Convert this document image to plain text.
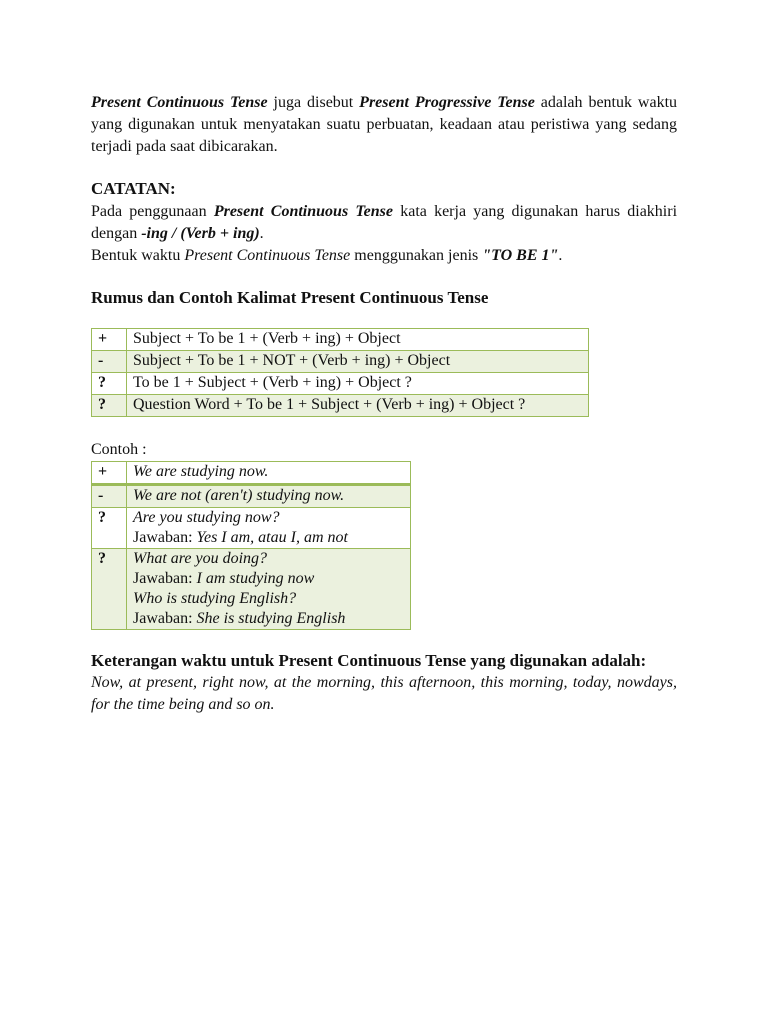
Present Continuous Tense juga disebut Present Progressive Tense adalah bentuk waktu yang digunakan untuk menyatakan suatu perbuatan, keadaan atau peristiwa yang sedang terjadi pada saat dibicarakan.

CATATAN:

Pada penggunaan Present Continuous Tense kata kerja yang digunakan harus diakhiri dengan -ing / (Verb + ing).

Bentuk waktu Present Continuous Tense menggunakan jenis "TO BE 1".

Rumus dan Contoh Kalimat Present Continuous Tense

+	Subject + To be 1 + (Verb + ing) + Object
-	Subject + To be 1 + NOT + (Verb + ing) + Object
?	To be 1 + Subject + (Verb + ing) + Object ?
?	Question Word + To be 1 + Subject + (Verb + ing) + Object ?

Contoh :

+	We are studying now.
-	We are not (aren't) studying now.
?	Are you studying now?
Jawaban: Yes I am, atau I, am not

?	What are you doing?
Jawaban: I am studying now
Who is studying English?
Jawaban: She is studying English

Keterangan waktu untuk Present Continuous Tense yang digunakan adalah:

Now, at present, right now, at the morning, this afternoon, this morning, today, nowdays, for the time being and so on.
